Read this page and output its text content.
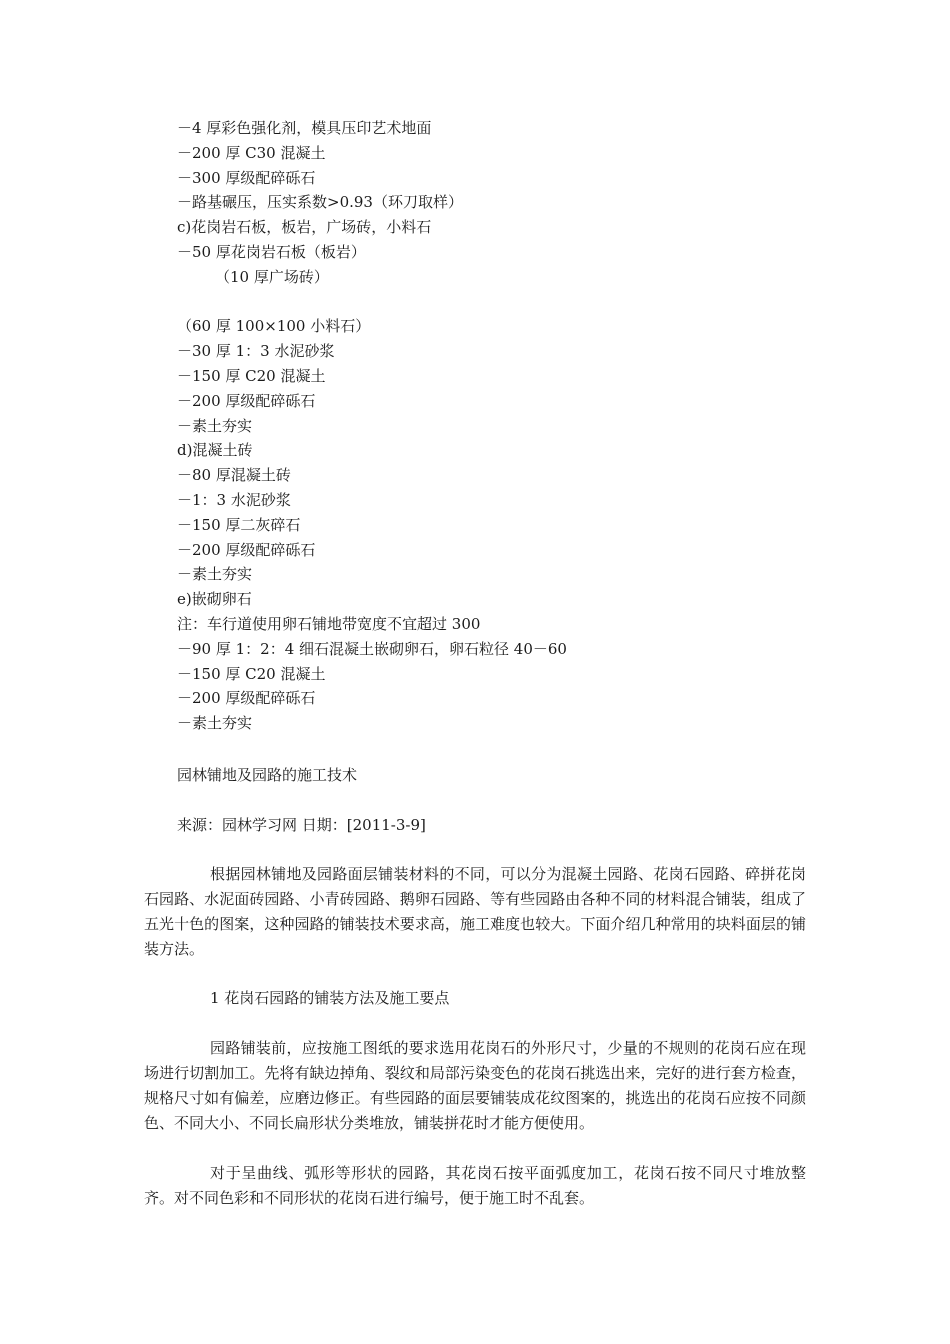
－4 厚彩色强化剂，模具压印艺术地面
－200 厚 C30 混凝土
－300 厚级配碎砾石
－路基碾压，压实系数>0.93（环刀取样）
c)花岗岩石板，板岩，广场砖，小料石
－50 厚花岗岩石板（板岩）
（10 厚广场砖）
（60 厚 100×100 小料石）
－30 厚 1：3 水泥砂浆
－150 厚 C20 混凝土
－200 厚级配碎砾石
－素土夯实
d)混凝土砖
－80 厚混凝土砖
－1：3 水泥砂浆
－150 厚二灰碎石
－200 厚级配碎砾石
－素土夯实
e)嵌砌卵石
注：车行道使用卵石铺地带宽度不宜超过 300
－90 厚 1：2：4 细石混凝土嵌砌卵石，卵石粒径 40－60
－150 厚 C20 混凝土
－200 厚级配碎砾石
－素土夯实
园林铺地及园路的施工技术
来源：园林学习网 日期：[2011-3-9]

根据园林铺地及园路面层铺装材料的不同，可以分为混凝土园路、花岗石园路、碎拼花岗石园路、水泥面砖园路、小青砖园路、鹅卵石园路、等有些园路由各种不同的材料混合铺装，组成了五光十色的图案，这种园路的铺装技术要求高，施工难度也较大。下面介绍几种常用的块料面层的铺装方法。

1 花岗石园路的铺装方法及施工要点

园路铺装前，应按施工图纸的要求选用花岗石的外形尺寸，少量的不规则的花岗石应在现场进行切割加工。先将有缺边掉角、裂纹和局部污染变色的花岗石挑选出来，完好的进行套方检查，规格尺寸如有偏差，应磨边修正。有些园路的面层要铺装成花纹图案的，挑选出的花岗石应按不同颜色、不同大小、不同长扁形状分类堆放，铺装拼花时才能方便使用。

对于呈曲线、弧形等形状的园路，其花岗石按平面弧度加工，花岗石按不同尺寸堆放整齐。对不同色彩和不同形状的花岗石进行编号，便于施工时不乱套。
